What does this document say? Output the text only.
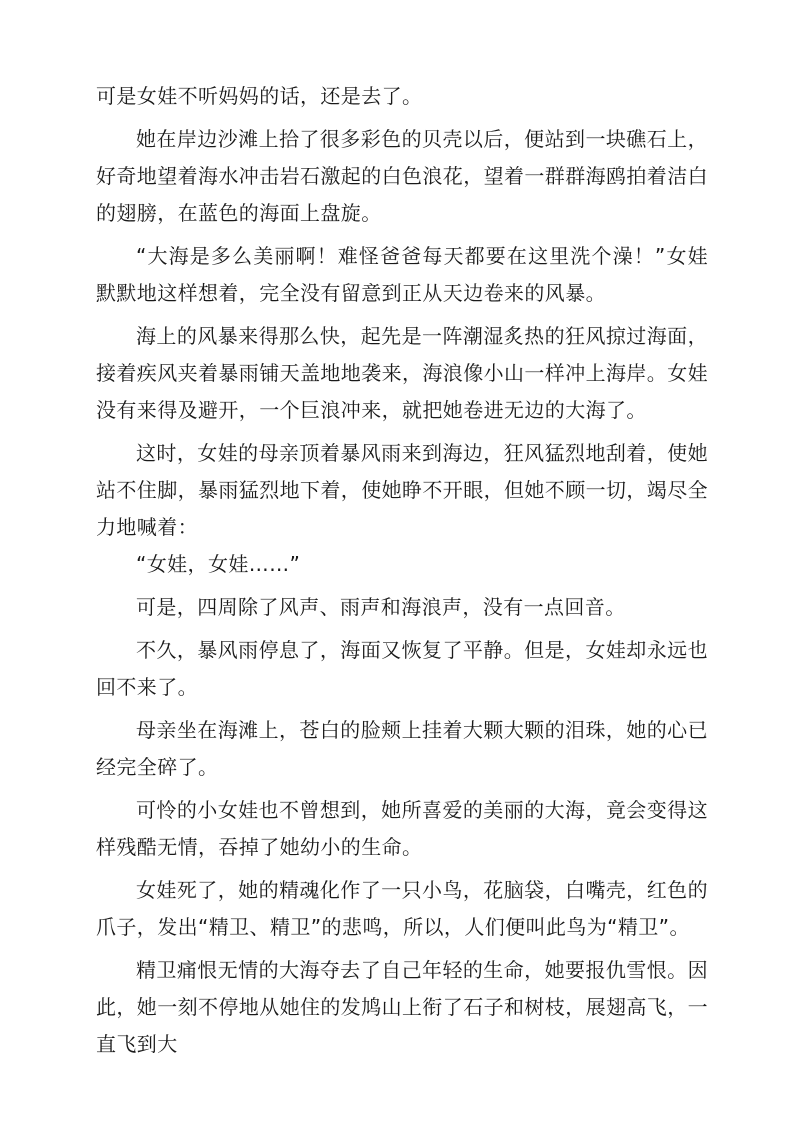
可是女娃不听妈妈的话，还是去了。

她在岸边沙滩上拾了很多彩色的贝壳以后，便站到一块礁石上，好奇地望着海水冲击岩石激起的白色浪花，望着一群群海鸥拍着洁白的翅膀，在蓝色的海面上盘旋。

“大海是多么美丽啊！难怪爸爸每天都要在这里洗个澡！”女娃默默地这样想着，完全没有留意到正从天边卷来的风暴。

海上的风暴来得那么快，起先是一阵潮湿炙热的狂风掠过海面，接着疾风夹着暴雨铺天盖地地袭来，海浪像小山一样冲上海岸。女娃没有来得及避开，一个巨浪冲来，就把她卷进无边的大海了。

这时，女娃的母亲顶着暴风雨来到海边，狂风猛烈地刮着，使她站不住脚，暴雨猛烈地下着，使她睁不开眼，但她不顾一切，竭尽全力地喊着：

“女娃，女娃……”

可是，四周除了风声、雨声和海浪声，没有一点回音。

不久，暴风雨停息了，海面又恢复了平静。但是，女娃却永远也回不来了。

母亲坐在海滩上，苍白的脸颊上挂着大颗大颗的泪珠，她的心已经完全碎了。

可怜的小女娃也不曾想到，她所喜爱的美丽的大海，竟会变得这样残酷无情，吞掉了她幼小的生命。

女娃死了，她的精魂化作了一只小鸟，花脑袋，白嘴壳，红色的爪子，发出“精卫、精卫”的悲鸣，所以，人们便叫此鸟为“精卫”。

精卫痛恨无情的大海夺去了自己年轻的生命，她要报仇雪恨。因此，她一刻不停地从她住的发鸠山上衔了石子和树枝，展翅高飞，一直飞到大
